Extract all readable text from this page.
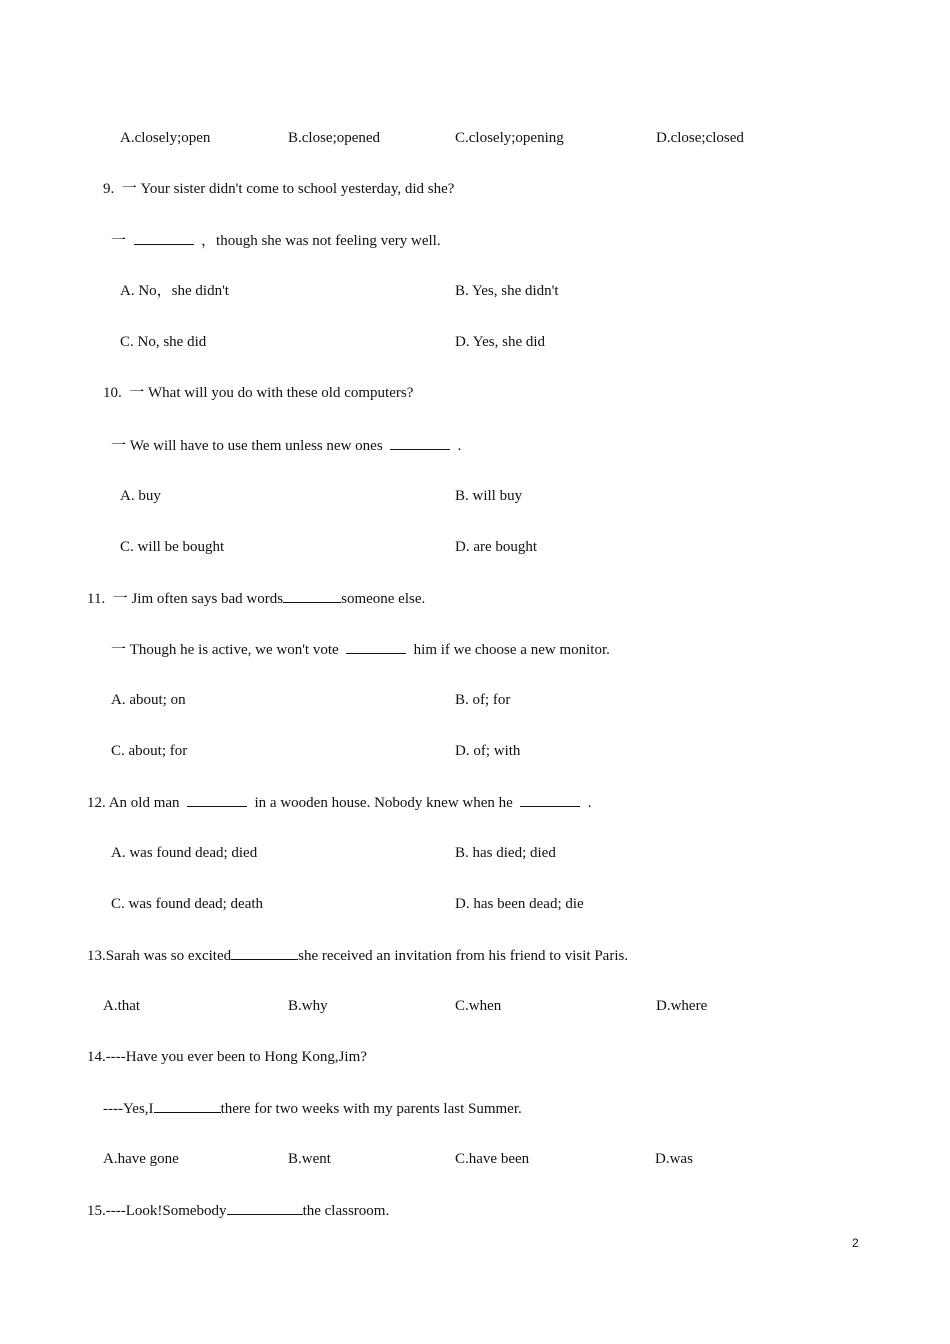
A.closely;open	B.close;opened	C.closely;opening	D.close;closed
9. 一 Your sister didn't come to school yesterday, did she?
一	，though she was not feeling very well.
A. No，she didn't	B. Yes, she didn't
C. No, she did	D. Yes, she did
10. 一 What will you do with these old computers?
一 We will have to use them unless new ones	.
A. buy	B. will buy
C. will be bought	D. are bought
11. 一 Jim often says bad words	someone else.
一 Though he is active, we won't vote	him if we choose a new monitor.
A. about; on	B. of; for
C. about; for	D. of; with
12. An old man	in a wooden house. Nobody knew when he	.
A. was found dead; died	B. has died; died
C. was found dead; death	D. has been dead; die
13.Sarah was so excited	she received an invitation from his friend to visit Paris.
A.that	B.why	C.when	D.where
14.----Have you ever been to Hong Kong,Jim?
----Yes,I	there for two weeks with my parents last Summer.
A.have gone	B.went	C.have been	D.was
15.----Look!Somebody	the classroom.
2
